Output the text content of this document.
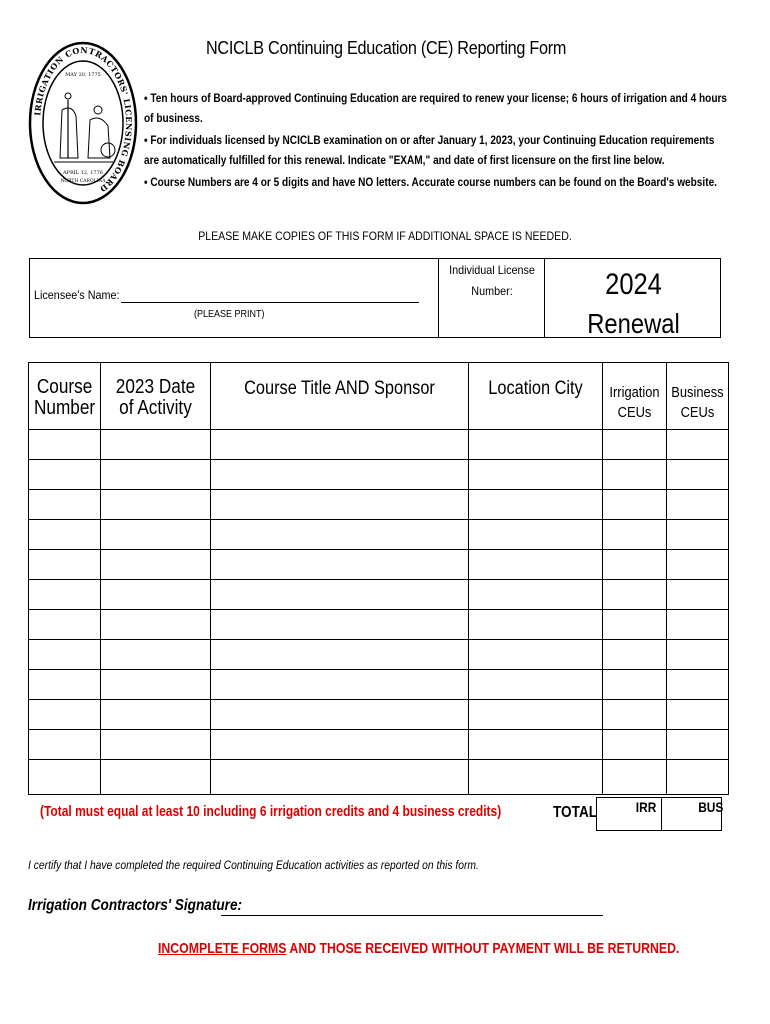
IRRIGATION CONTRACTORS' LICENSING BOARD
MAY 20, 1775
APRIL 12, 1776
NORTH CAROLINA
NCICLB Continuing Education (CE) Reporting Form
• Ten hours of Board-approved Continuing Education are required to renew your license; 6 hours of irrigation and 4 hours of business.
• For individuals licensed by NCICLB examination on or after January 1, 2023, your Continuing Education requirements are automatically fulfilled for this renewal. Indicate "EXAM," and date of first licensure on the first line below.
• Course Numbers are 4 or 5 digits and have NO letters. Accurate course numbers can be found on the Board's website.
PLEASE MAKE COPIES OF THIS FORM IF ADDITIONAL SPACE IS NEEDED.
Licensee's Name:
(PLEASE PRINT)
Individual License Number:	2024
Renewal
Course Number	2023 Date of Activity	Course Title AND Sponsor	Location City	Irrigation CEUs	Business CEUs

(Total must equal at least 10 including 6 irrigation credits and 4 business credits)	TOTAL	IRR	BUS
I certify that I have completed the required Continuing Education activities as reported on this form.
Irrigation Contractors' Signature:
INCOMPLETE FORMS AND THOSE RECEIVED WITHOUT PAYMENT WILL BE RETURNED.
